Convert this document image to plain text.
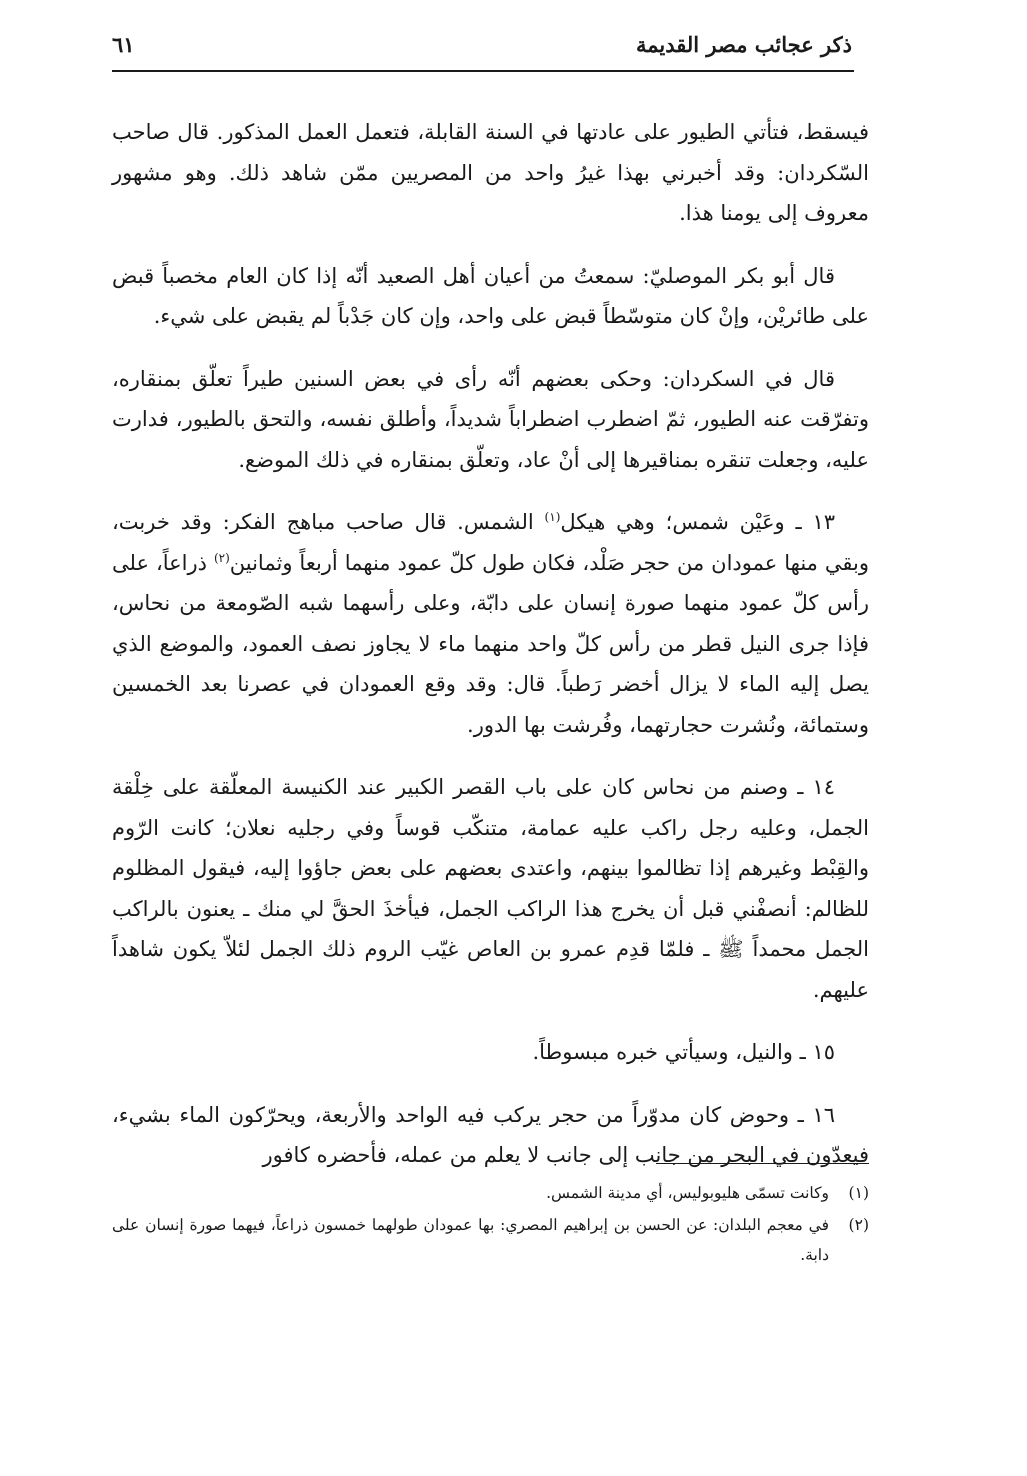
ذكر عجائب مصر القديمة
٦١

فيسقط، فتأتي الطيور على عادتها في السنة القابلة، فتعمل العمل المذكور. قال صاحب السّكردان: وقد أخبرني بهذا غيرُ واحد من المصريين ممّن شاهد ذلك. وهو مشهور معروف إلى يومنا هذا.

قال أبو بكر الموصليّ: سمعتُ من أعيان أهل الصعيد أنّه إذا كان العام مخصباً قبض على طائريْن، وإنْ كان متوسّطاً قبض على واحد، وإن كان جَدْباً لم يقبض على شيء.

قال في السكردان: وحكى بعضهم أنّه رأى في بعض السنين طيراً تعلّق بمنقاره، وتفرّقت عنه الطيور، ثمّ اضطرب اضطراباً شديداً، وأطلق نفسه، والتحق بالطيور، فدارت عليه، وجعلت تنقره بمناقيرها إلى أنْ عاد، وتعلّق بمنقاره في ذلك الموضع.

١٣ ـ وعَيْن شمس؛ وهي هيكل$^{(١)}$ الشمس. قال صاحب مباهج الفكر: وقد خربت، وبقي منها عمودان من حجر صَلْد، فكان طول كلّ عمود منهما أربعاً وثمانين$^{(٢)}$ ذراعاً، على رأس كلّ عمود منهما صورة إنسان على دابّة، وعلى رأسهما شبه الصّومعة من نحاس، فإذا جرى النيل قطر من رأس كلّ واحد منهما ماء لا يجاوز نصف العمود، والموضع الذي يصل إليه الماء لا يزال أخضر رَطباً. قال: وقد وقع العمودان في عصرنا بعد الخمسين وستمائة، ونُشرت حجارتهما، وفُرشت بها الدور.

١٤ ـ وصنم من نحاس كان على باب القصر الكبير عند الكنيسة المعلّقة على خِلْقة الجمل، وعليه رجل راكب عليه عمامة، متنكّب قوساً وفي رجليه نعلان؛ كانت الرّوم والقِبْط وغيرهم إذا تظالموا بينهم، واعتدى بعضهم على بعض جاؤوا إليه، فيقول المظلوم للظالم: أنصفْني قبل أن يخرج هذا الراكب الجمل، فيأخذَ الحقَّ لي منك ـ يعنون بالراكب الجمل محمداً ﷺ ـ فلمّا قدِم عمرو بن العاص غيّب الروم ذلك الجمل لئلاّ يكون شاهداً عليهم.

١٥ ـ والنيل، وسيأتي خبره مبسوطاً.

١٦ ـ وحوض كان مدوّراً من حجر يركب فيه الواحد والأربعة، ويحرّكون الماء بشيء، فيعدّون في البحر من جانب إلى جانب لا يعلم من عمله، فأحضره كافور

(١)
وكانت تسمّى هليوبوليس، أي مدينة الشمس.
(٢)
في معجم البلدان: عن الحسن بن إبراهيم المصري: بها عمودان طولهما خمسون ذراعاً، فيهما صورة إنسان على دابة.
